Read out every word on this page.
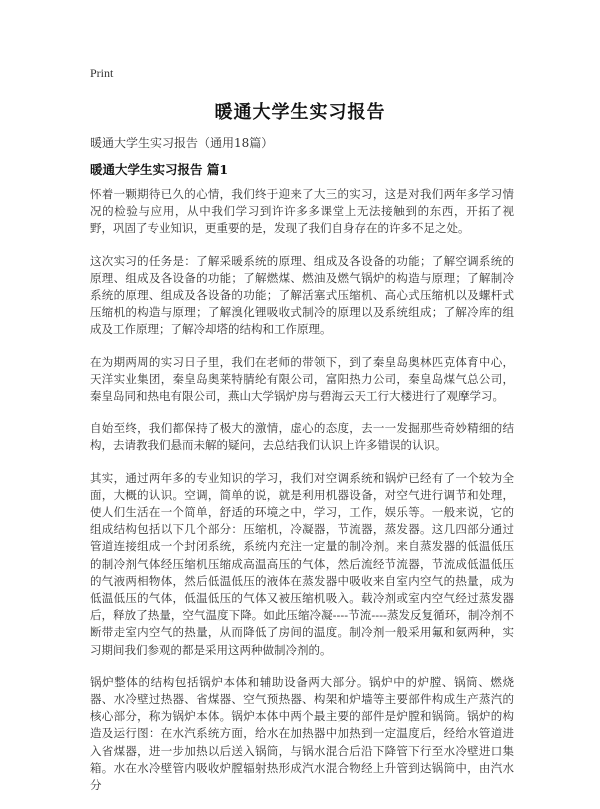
Print
暖通大学生实习报告
暖通大学生实习报告（通用18篇）
暖通大学生实习报告 篇1

怀着一颗期待已久的心情，我们终于迎来了大三的实习，这是对我们两年多学习情况的检验与应用，从中我们学习到许许多多课堂上无法接触到的东西，开拓了视野，巩固了专业知识，更重要的是，发现了我们自身存在的许多不足之处。

这次实习的任务是：了解采暖系统的原理、组成及各设备的功能；了解空调系统的原理、组成及各设备的功能；了解燃煤、燃油及燃气锅炉的构造与原理；了解制冷系统的原理、组成及各设备的功能；了解活塞式压缩机、高心式压缩机以及螺杆式压缩机的构造与原理；了解溴化锂吸收式制冷的原理以及系统组成；了解冷库的组成及工作原理；了解冷却塔的结构和工作原理。

在为期两周的实习日子里，我们在老师的带领下，到了秦皇岛奥林匹克体育中心，天洋实业集团，秦皇岛奥莱特腈纶有限公司，富阳热力公司，秦皇岛煤气总公司，秦皇岛同和热电有限公司，燕山大学锅炉房与碧海云天工行大楼进行了观摩学习。

自始至终，我们都保持了极大的激情，虚心的态度，去一一发掘那些奇妙精细的结构，去请教我们悬而未解的疑问，去总结我们认识上许多错误的认识。

其实，通过两年多的专业知识的学习，我们对空调系统和锅炉已经有了一个较为全面，大概的认识。空调，简单的说，就是利用机器设备，对空气进行调节和处理，使人们生活在一个简单，舒适的环境之中，学习，工作，娱乐等。一般来说，它的组成结构包括以下几个部分：压缩机，冷凝器，节流器，蒸发器。这几四部分通过管道连接组成一个封闭系统，系统内充注一定量的制冷剂。来自蒸发器的低温低压的制冷剂气体经压缩机压缩成高温高压的气体，然后流经节流器，节流成低温低压的气液两相物体，然后低温低压的液体在蒸发器中吸收来自室内空气的热量，成为低温低压的气体，低温低压的气体又被压缩机吸入。载冷剂或室内空气经过蒸发器后，释放了热量，空气温度下降。如此压缩冷凝----节流----蒸发反复循环，制冷剂不断带走室内空气的热量，从而降低了房间的温度。制冷剂一般采用氟和氨两种，实习期间我们参观的都是采用这两种做制冷剂的。

锅炉整体的结构包括锅炉本体和辅助设备两大部分。锅炉中的炉膛、锅筒、燃烧器、水冷壁过热器、省煤器、空气预热器、构架和炉墙等主要部件构成生产蒸汽的核心部分，称为锅炉本体。锅炉本体中两个最主要的部件是炉膛和锅筒。锅炉的构造及运行图：在水汽系统方面，给水在加热器中加热到一定温度后，经给水管道进入省煤器，进一步加热以后送入锅筒，与锅水混合后沿下降管下行至水冷壁进口集箱。水在水冷壁管内吸收炉膛辐射热形成汽水混合物经上升管到达锅筒中，由汽水分
